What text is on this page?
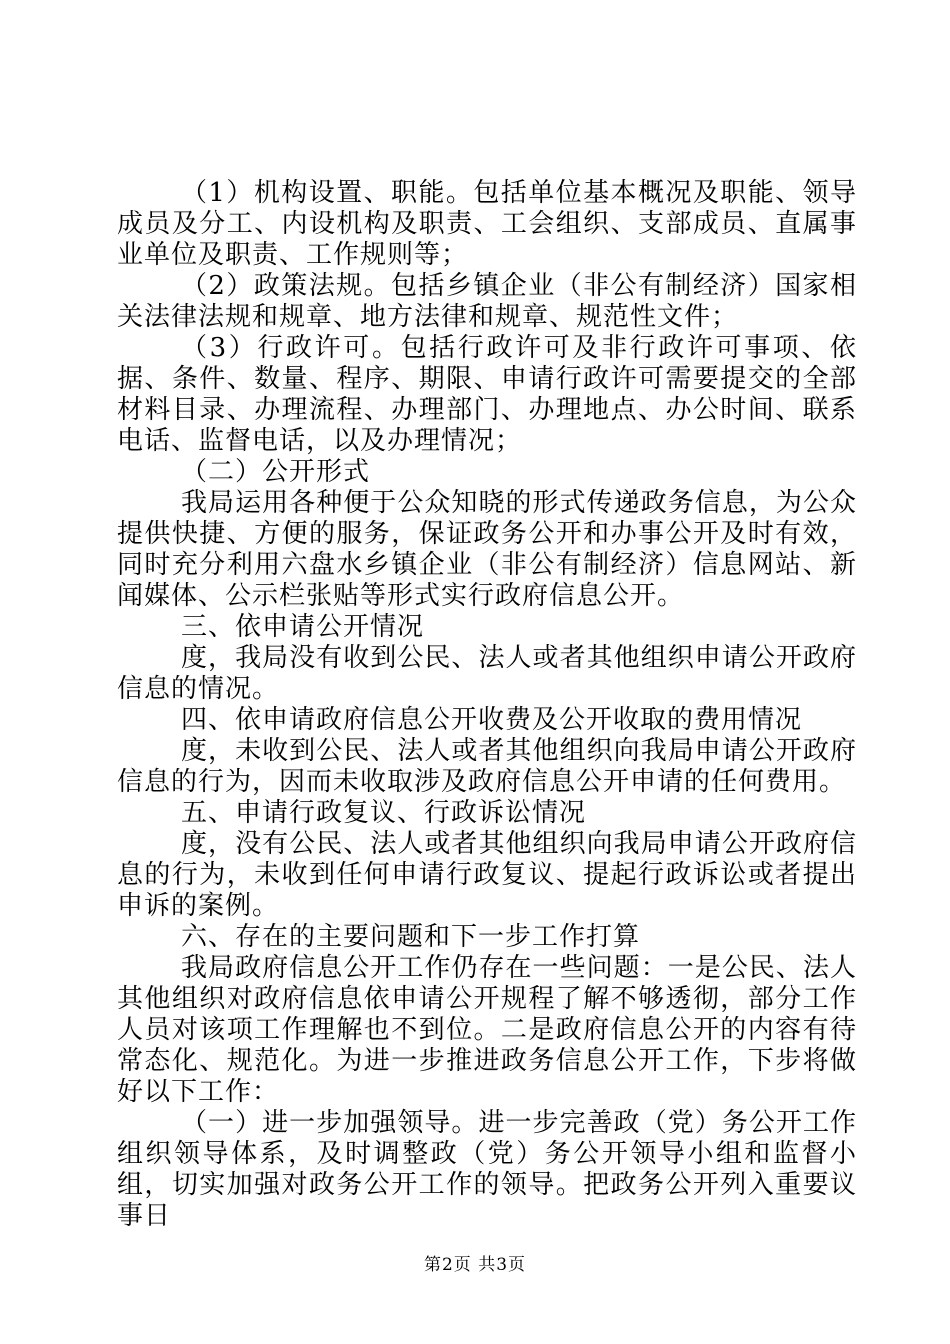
（1）机构设置、职能。包括单位基本概况及职能、领导成员及分工、内设机构及职责、工会组织、支部成员、直属事业单位及职责、工作规则等；

（2）政策法规。包括乡镇企业（非公有制经济）国家相关法律法规和规章、地方法律和规章、规范性文件；

（3）行政许可。包括行政许可及非行政许可事项、依据、条件、数量、程序、期限、申请行政许可需要提交的全部材料目录、办理流程、办理部门、办理地点、办公时间、联系电话、监督电话，以及办理情况；

（二）公开形式

我局运用各种便于公众知晓的形式传递政务信息，为公众提供快捷、方便的服务，保证政务公开和办事公开及时有效，同时充分利用六盘水乡镇企业（非公有制经济）信息网站、新闻媒体、公示栏张贴等形式实行政府信息公开。

三、依申请公开情况

度，我局没有收到公民、法人或者其他组织申请公开政府信息的情况。

四、依申请政府信息公开收费及公开收取的费用情况

度，未收到公民、法人或者其他组织向我局申请公开政府信息的行为，因而未收取涉及政府信息公开申请的任何费用。

五、申请行政复议、行政诉讼情况

度，没有公民、法人或者其他组织向我局申请公开政府信息的行为，未收到任何申请行政复议、提起行政诉讼或者提出申诉的案例。

六、存在的主要问题和下一步工作打算

我局政府信息公开工作仍存在一些问题：一是公民、法人其他组织对政府信息依申请公开规程了解不够透彻，部分工作人员对该项工作理解也不到位。二是政府信息公开的内容有待常态化、规范化。为进一步推进政务信息公开工作，下步将做好以下工作：

（一）进一步加强领导。进一步完善政（党）务公开工作组织领导体系，及时调整政（党）务公开领导小组和监督小组，切实加强对政务公开工作的领导。把政务公开列入重要议事日

第2页 共3页
